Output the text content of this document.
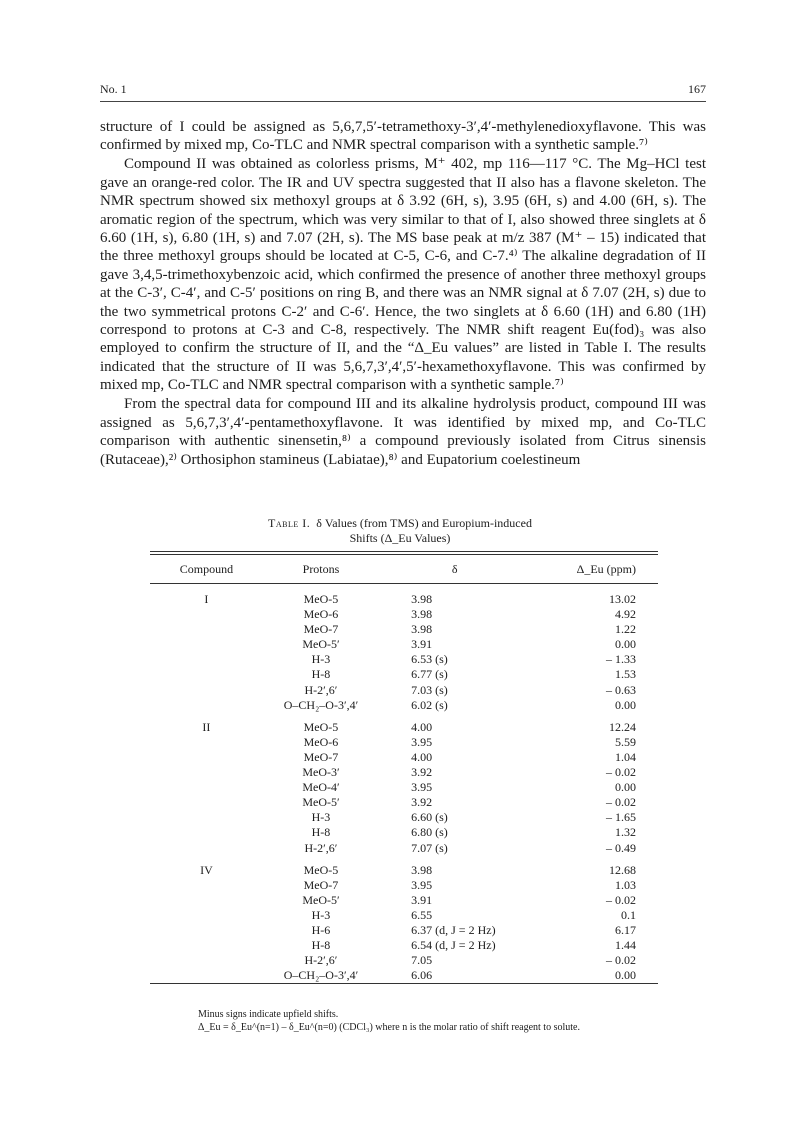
No. 1	167

structure of I could be assigned as 5,6,7,5′-tetramethoxy-3′,4′-methylenedioxyflavone. This was confirmed by mixed mp, Co-TLC and NMR spectral comparison with a synthetic sample.⁷⁾

Compound II was obtained as colorless prisms, M⁺ 402, mp 116—117 °C. The Mg–HCl test gave an orange-red color. The IR and UV spectra suggested that II also has a flavone skeleton. The NMR spectrum showed six methoxyl groups at δ 3.92 (6H, s), 3.95 (6H, s) and 4.00 (6H, s). The aromatic region of the spectrum, which was very similar to that of I, also showed three singlets at δ 6.60 (1H, s), 6.80 (1H, s) and 7.07 (2H, s). The MS base peak at m/z 387 (M⁺ – 15) indicated that the three methoxyl groups should be located at C-5, C-6, and C-7.⁴⁾ The alkaline degradation of II gave 3,4,5-trimethoxybenzoic acid, which confirmed the presence of another three methoxyl groups at the C-3′, C-4′, and C-5′ positions on ring B, and there was an NMR signal at δ 7.07 (2H, s) due to the two symmetrical protons C-2′ and C-6′. Hence, the two singlets at δ 6.60 (1H) and 6.80 (1H) correspond to protons at C-3 and C-8, respectively. The NMR shift reagent Eu(fod)₃ was also employed to confirm the structure of II, and the “Δ_Eu values” are listed in Table I. The results indicated that the structure of II was 5,6,7,3′,4′,5′-hexamethoxyflavone. This was confirmed by mixed mp, Co-TLC and NMR spectral comparison with a synthetic sample.⁷⁾

From the spectral data for compound III and its alkaline hydrolysis product, compound III was assigned as 5,6,7,3′,4′-pentamethoxyflavone. It was identified by mixed mp, and Co-TLC comparison with authentic sinensetin,⁸⁾ a compound previously isolated from Citrus sinensis (Rutaceae),²⁾ Orthosiphon stamineus (Labiatae),⁸⁾ and Eupatorium coelestineum

Table I. δ Values (from TMS) and Europium-induced
Shifts (Δ_Eu Values)
Compound	Protons	δ	Δ_Eu (ppm)

I	MeO-5	3.98	13.02
	MeO-6	3.98	4.92
	MeO-7	3.98	1.22
	MeO-5′	3.91	0.00
	H-3	6.53 (s)	– 1.33
	H-8	6.77 (s)	1.53
	H-2′,6′	7.03 (s)	– 0.63
	O–CH₂–O-3′,4′	6.02 (s)	0.00

II	MeO-5	4.00	12.24
	MeO-6	3.95	5.59
	MeO-7	4.00	1.04
	MeO-3′	3.92	– 0.02
	MeO-4′	3.95	0.00
	MeO-5′	3.92	– 0.02
	H-3	6.60 (s)	– 1.65
	H-8	6.80 (s)	1.32
	H-2′,6′	7.07 (s)	– 0.49

IV	MeO-5	3.98	12.68
	MeO-7	3.95	1.03
	MeO-5′	3.91	– 0.02
	H-3	6.55	0.1
	H-6	6.37 (d, J = 2 Hz)	6.17
	H-8	6.54 (d, J = 2 Hz)	1.44
	H-2′,6′	7.05	– 0.02
	O–CH₂–O-3′,4′	6.06	0.00

Minus signs indicate upfield shifts.

Δ_Eu = δ_Eu^(n=1) – δ_Eu^(n=0) (CDCl₃) where n is the molar ratio of shift reagent to solute.
